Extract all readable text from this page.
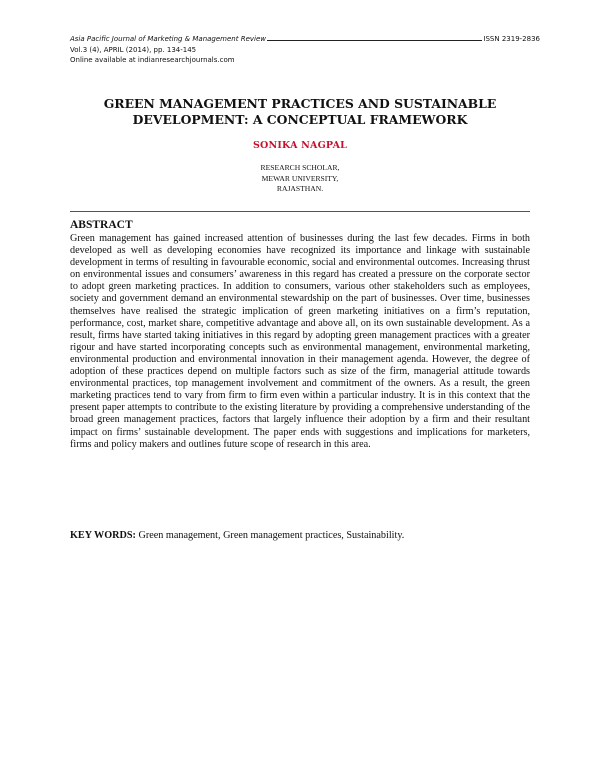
Asia Pacific Journal of Marketing & Management Review	ISSN 2319-2836
Vol.3 (4), APRIL (2014), pp. 134-145
Online available at indianresearchjournals.com
GREEN MANAGEMENT PRACTICES AND SUSTAINABLE
DEVELOPMENT: A CONCEPTUAL FRAMEWORK
SONIKA NAGPAL
RESEARCH SCHOLAR,
MEWAR UNIVERSITY,
RAJASTHAN.
ABSTRACT

Green management has gained increased attention of businesses during the last few decades. Firms in both developed as well as developing economies have recognized its importance and linkage with sustainable development in terms of resulting in favourable economic, social and environmental outcomes. Increasing thrust on environmental issues and consumers’ awareness in this regard has created a pressure on the corporate sector to adopt green marketing practices. In addition to consumers, various other stakeholders such as employees, society and government demand an environmental stewardship on the part of businesses. Over time, businesses themselves have realised the strategic implication of green marketing initiatives on a firm’s reputation, performance, cost, market share, competitive advantage and above all, on its own sustainable development. As a result, firms have started taking initiatives in this regard by adopting green management practices with a greater rigour and have started incorporating concepts such as environmental management, environmental marketing, environmental production and environmental innovation in their management agenda. However, the degree of adoption of these practices depend on multiple factors such as size of the firm, managerial attitude towards environmental practices, top management involvement and commitment of the owners. As a result, the green marketing practices tend to vary from firm to firm even within a particular industry. It is in this context that the present paper attempts to contribute to the existing literature by providing a comprehensive understanding of the broad green management practices, factors that largely influence their adoption by a firm and their resultant impact on firms’ sustainable development. The paper ends with suggestions and implications for marketers, firms and policy makers and outlines future scope of research in this area.

KEY WORDS: Green management, Green management practices, Sustainability.
